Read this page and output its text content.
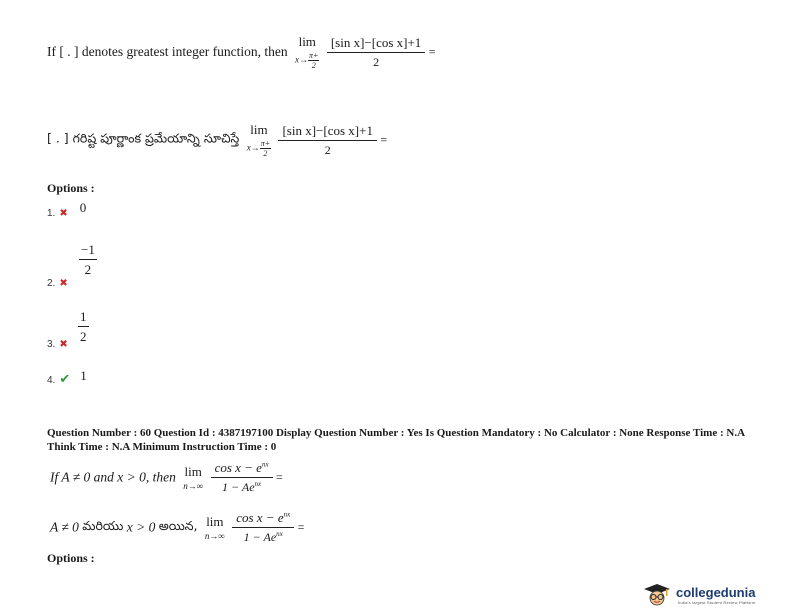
If [ . ] denotes greatest integer function, then
lim
$x\to \frac{\pi+}{2}$
$\frac{\text{[sin x]−[cos x]+1}}{2}$ =
[ . ] గరిష్ట పూర్ణాంక ప్రమేయాన్ని సూచిస్తే
lim
$x\to \frac{\pi+}{2}$
$\frac{\text{[sin x]−[cos x]+1}}{2}$ =
Options :
1. ✖ $^0$
$\frac{-1}{2}$
2. ✖
$\frac{1}{2}$
3. ✖
4. ✔ 1
Question Number : 60 Question Id : 4387197100 Display Question Number : Yes Is Question Mandatory : No Calculator : None Response Time : N.A Think Time : N.A Minimum Instruction Time : 0
If A ≠ 0 and x > 0, then lim
n→∞
$\frac{\cos x - e^{nx}}{1 - Ae^{nx}}$ =
A ≠ 0 మరియు x > 0 అయిన, lim
n→∞
$\frac{\cos x - e^{nx}}{1 - Ae^{nx}}$ =
Options :
collegedunia
India's largest Student Review Platform
